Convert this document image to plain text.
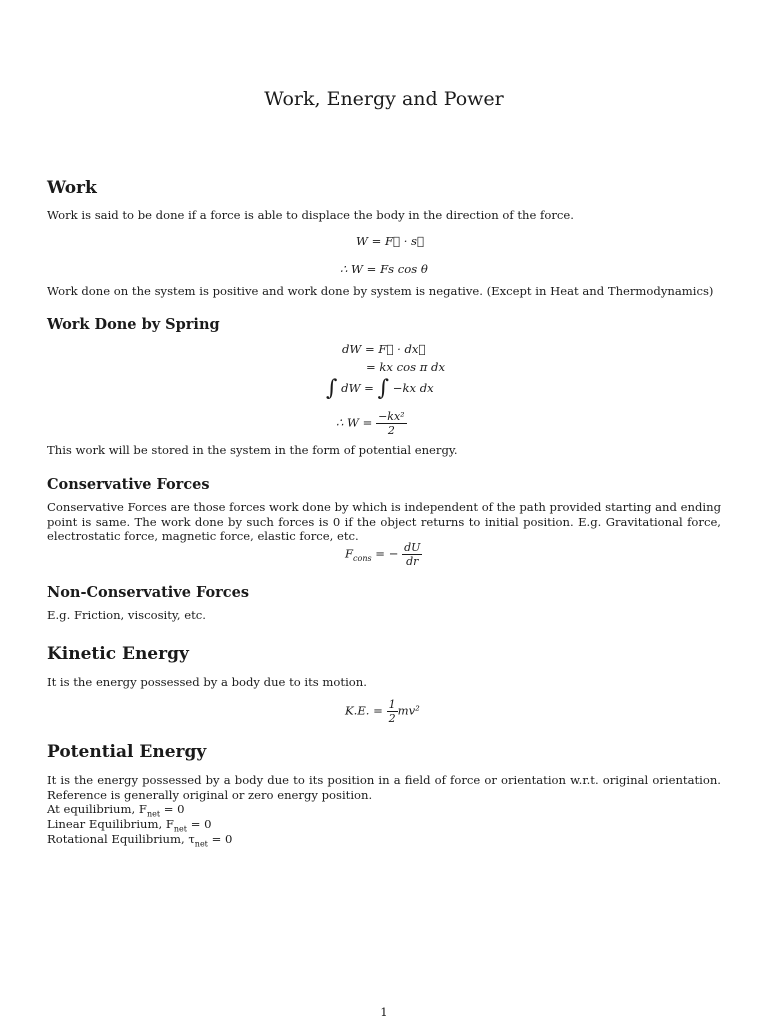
Work, Energy and Power
Work
Work is said to be done if a force is able to displace the body in the direction of the force.
W = F⃗ · s⃗
∴ W = Fs cos θ
Work done on the system is positive and work done by system is negative. (Except in Heat and Thermodynamics)
Work Done by Spring
dW = F⃗ · dx⃗
= kx cos π dx
∫ dW = ∫ −kx dx
∴ $W = \frac{\text{−kx²}}{2}$
This work will be stored in the system in the form of potential energy.
Conservative Forces
Conservative Forces are those forces work done by which is independent of the path provided starting and ending point is same. The work done by such forces is 0 if the object returns to initial position. E.g. Gravitational force, electrostatic force, magnetic force, elastic force, etc.
$F_{cons}$ = − $\frac{dU}{dr}$
Non-Conservative Forces
E.g. Friction, viscosity, etc.
Kinetic Energy
It is the energy possessed by a body due to its motion.
K.E. = $\frac{1}{2} mv^2$
Potential Energy
It is the energy possessed by a body due to its position in a field of force or orientation w.r.t. original orientation. Reference is generally original or zero energy position.
At equilibrium, $F_{net} = 0$
Linear Equilibrium, $F_{net} = 0$
Rotational Equilibrium, $\tau_{net} = 0$
1
